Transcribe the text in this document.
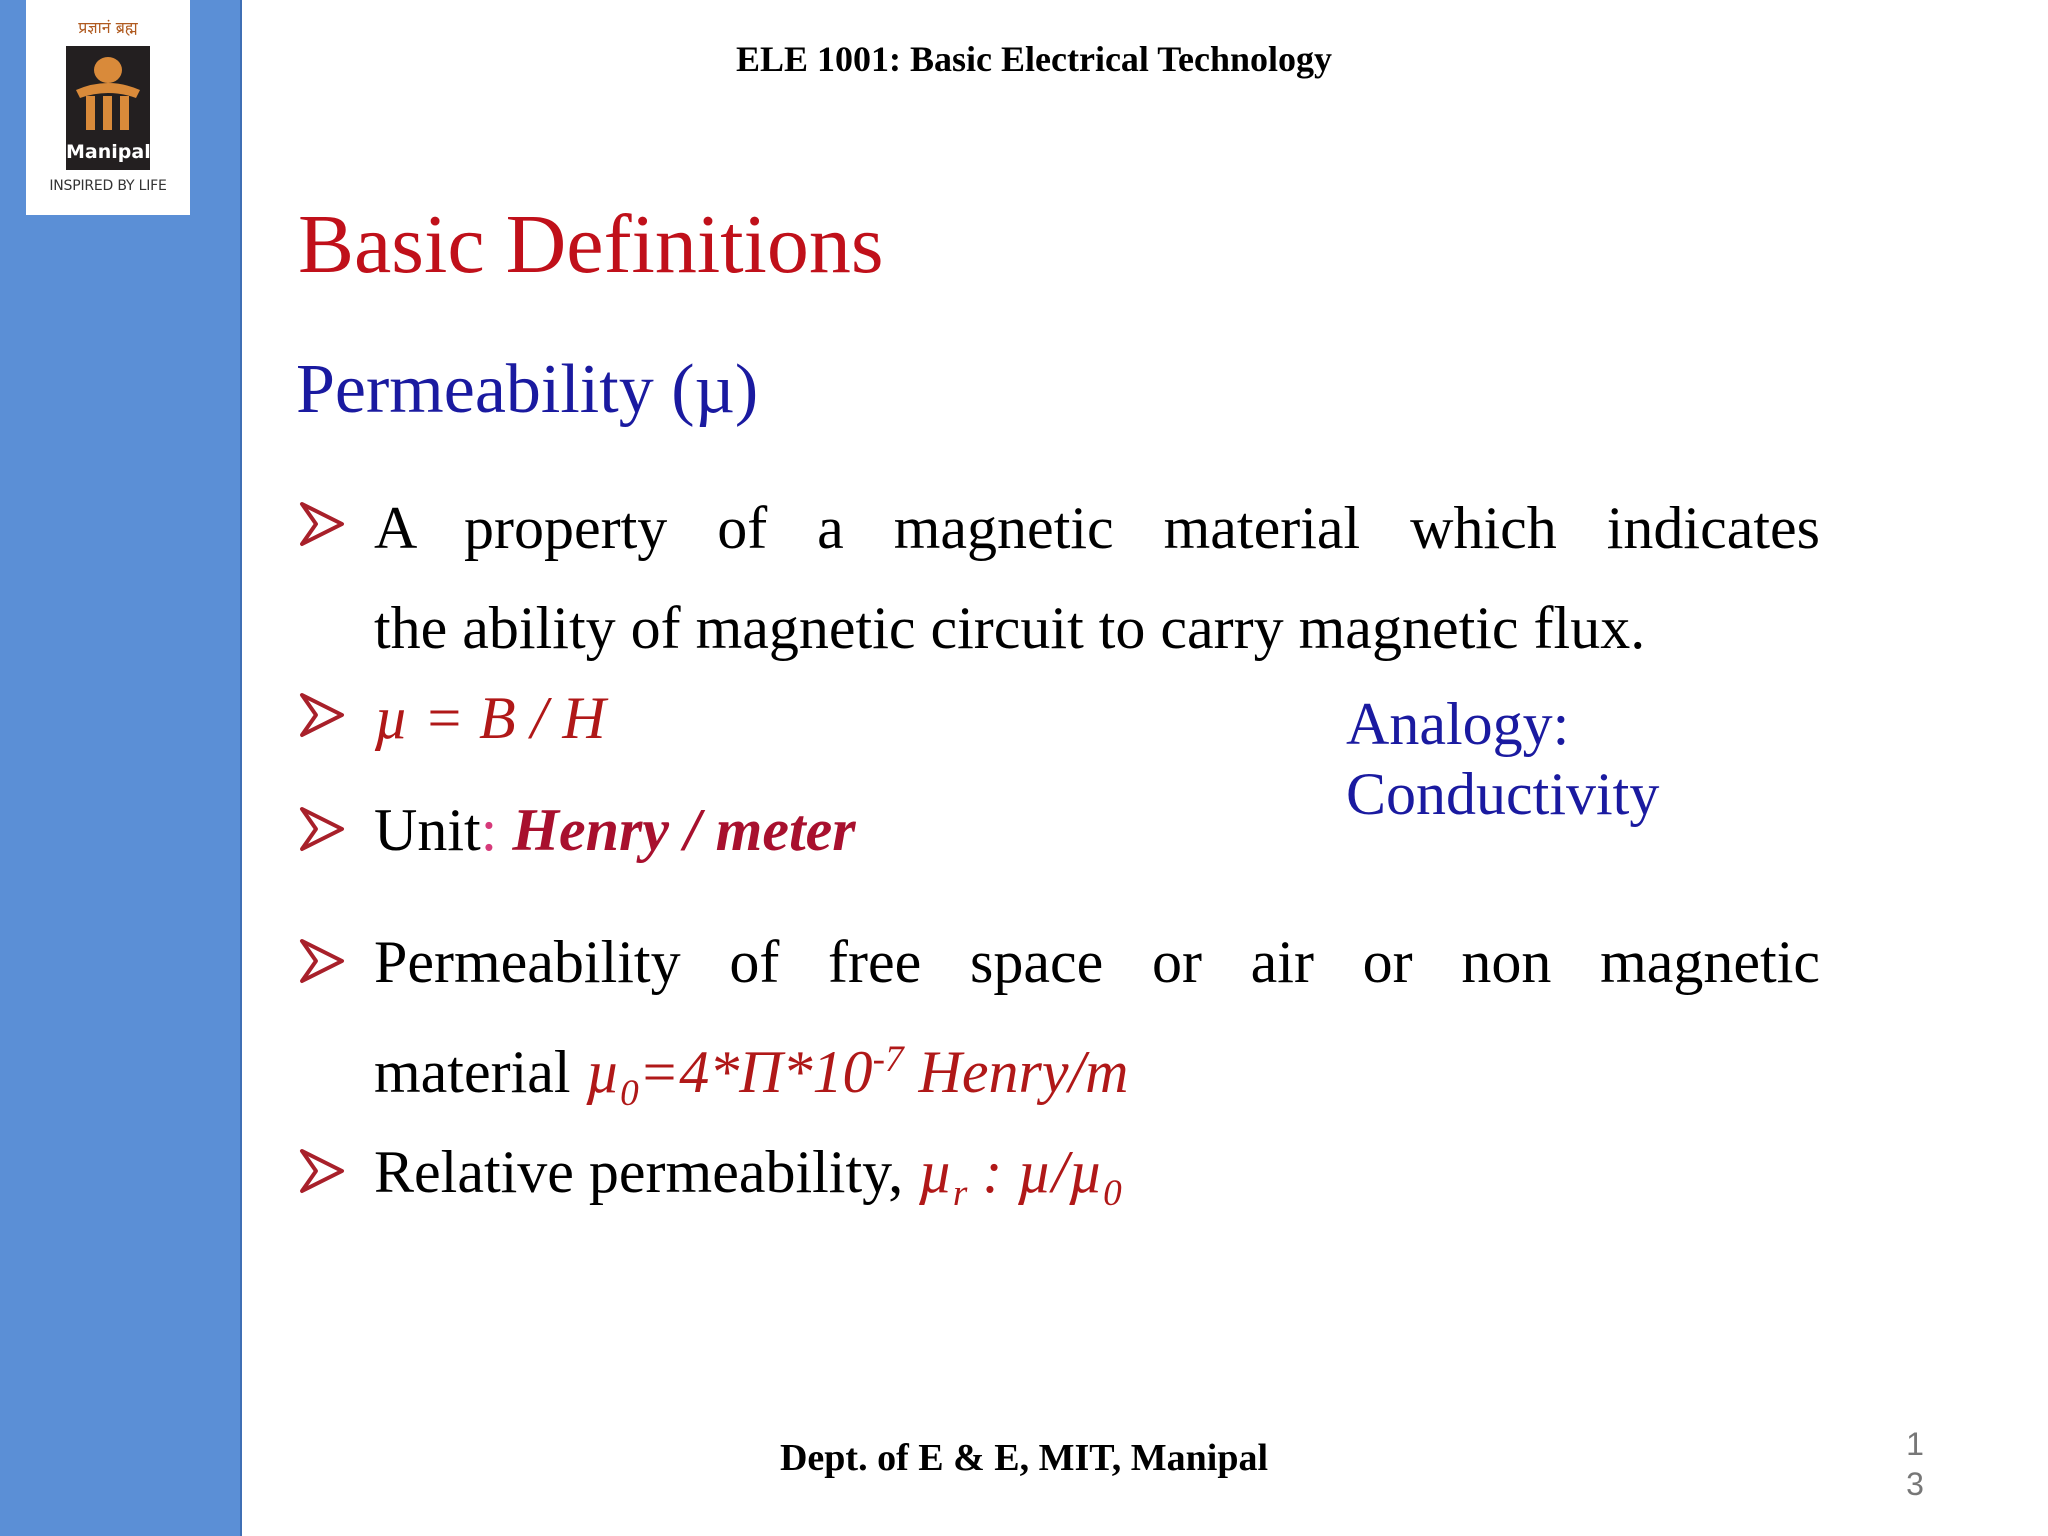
प्रज्ञानं ब्रह्म
Manipal
INSPIRED BY LIFE
ELE 1001: Basic Electrical Technology
Basic Definitions
Permeability (µ)
A property of a magnetic material which indicates
the ability of magnetic circuit to carry magnetic flux.
µ = B / H	Analogy: Conductivity
Unit: Henry / meter
Permeability of free space or air or non magnetic
material $\mu_0=4*\Pi*10^{-7}$ Henry/m
Relative permeability, µ$_r$ : µ/µ$_0$
Dept. of E & E, MIT, Manipal	1
3
